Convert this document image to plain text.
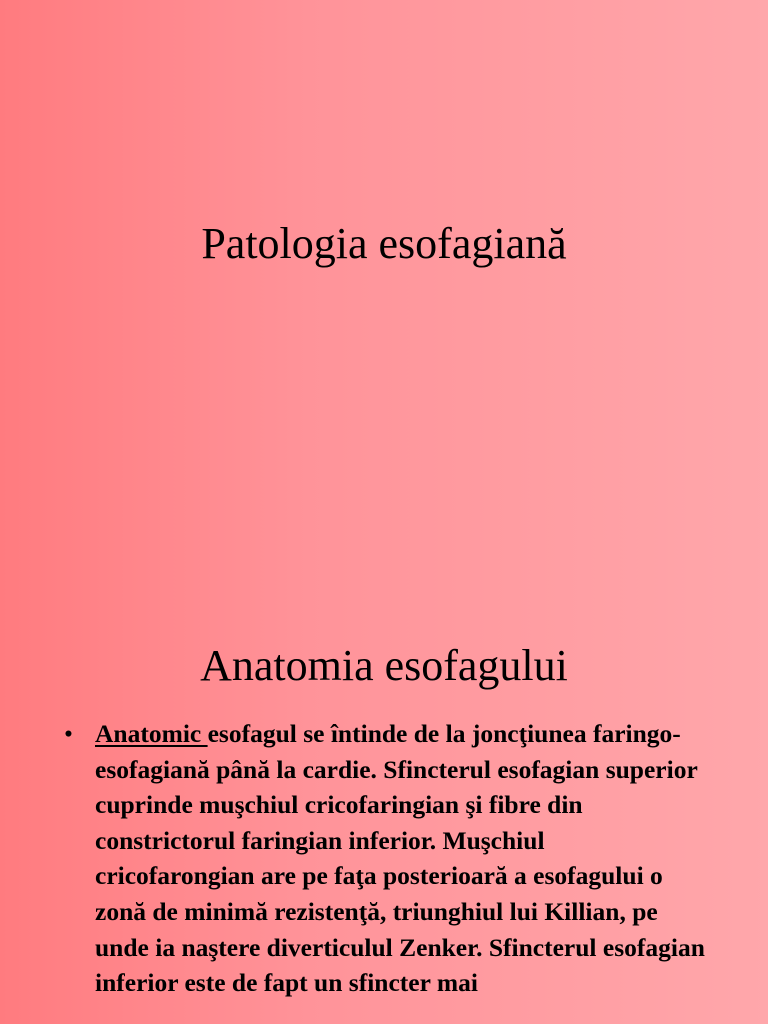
Patologia esofagiană
Anatomia esofagului
• Anatomic esofagul se întinde de la joncţiunea faringo-esofagiană până la cardie. Sfincterul esofagian superior cuprinde muşchiul cricofaringian şi fibre din constrictorul faringian inferior. Muşchiul cricofarongian are pe faţa posterioară a esofagului o zonă de minimă rezistenţă, triunghiul lui Killian, pe unde ia naştere diverticulul Zenker. Sfincterul esofagian inferior este de fapt un sfincter mai
